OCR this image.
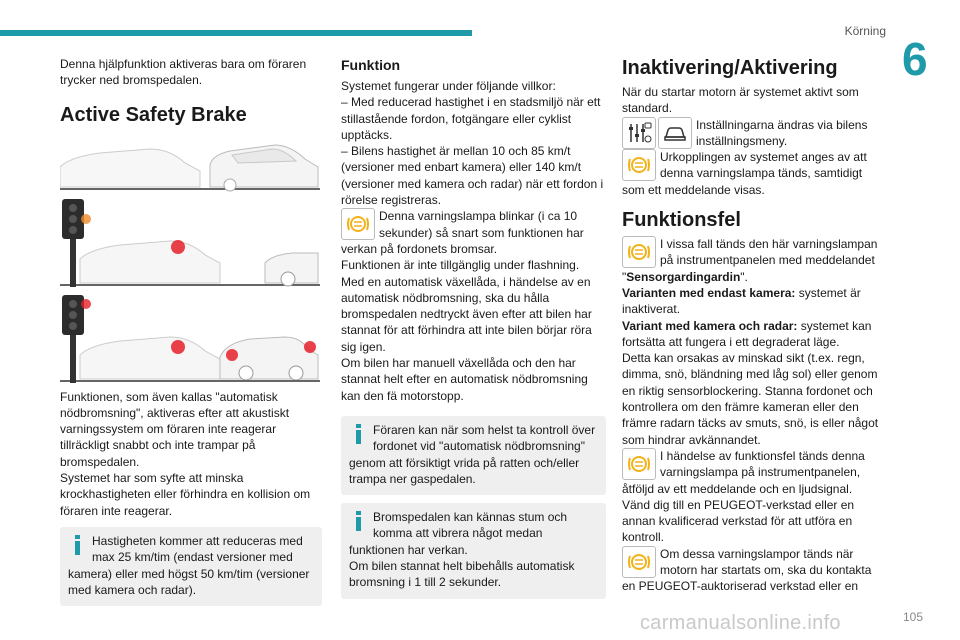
Körning
6

Denna hjälpfunktion aktiveras bara om föraren trycker ned bromspedalen.

Active Safety Brake

Funktionen, som även kallas "automatisk nödbromsning", aktiveras efter att akustiskt varningssystem om föraren inte reagerar tillräckligt snabbt och inte trampar på bromspedalen.

Systemet har som syfte att minska krockhastigheten eller förhindra en kollision om föraren inte reagerar.

Hastigheten kommer att reduceras med max 25 km/tim (endast versioner med kamera) eller med högst 50 km/tim (versioner med kamera och radar).
Funktion

Systemet fungerar under följande villkor:

– Med reducerad hastighet i en stadsmiljö när ett stillastående fordon, fotgängare eller cyklist upptäcks.

– Bilens hastighet är mellan 10 och 85 km/t (versioner med enbart kamera) eller 140 km/t (versioner med kamera och radar) när ett fordon i rörelse registreras.

Denna varningslampa blinkar (i ca 10 sekunder) så snart som funktionen har verkan på fordonets bromsar.

Funktionen är inte tillgänglig under flashning.

Med en automatisk växellåda, i händelse av en automatisk nödbromsning, ska du hålla bromspedalen nedtryckt även efter att bilen har stannat för att förhindra att inte bilen börjar röra sig igen.

Om bilen har manuell växellåda och den har stannat helt efter en automatisk nödbromsning kan den fä motorstopp.

Föraren kan när som helst ta kontroll över fordonet vid "automatisk nödbromsning" genom att försiktigt vrida på ratten och/eller trampa ner gaspedalen.
Bromspedalen kan kännas stum och komma att vibrera något medan funktionen har verkan.

Om bilen stannat helt bibehålls automatisk bromsning i 1 till 2 sekunder.

Inaktivering/Aktivering

När du startar motorn är systemet aktivt som standard.

Inställningarna ändras via bilens inställningsmeny.
Urkopplingen av systemet anges av att denna varningslampa tänds, samtidigt som ett meddelande visas.
Funktionsfel
I vissa fall tänds den här varningslampan på instrumentpanelen med meddelandet "Sensorgardingardin".

Varianten med endast kamera: systemet är inaktiverat.

Variant med kamera och radar: systemet kan fortsätta att fungera i ett degraderat läge.

Detta kan orsakas av minskad sikt (t.ex. regn, dimma, snö, bländning med låg sol) eller genom en riktig sensorblockering. Stanna fordonet och kontrollera om den främre kameran eller den främre radarn täcks av smuts, snö, is eller något som hindrar avkännandet.

I händelse av funktionsfel tänds denna varningslampa på instrumentpanelen, åtföljd av ett meddelande och en ljudsignal.

Vänd dig till en PEUGEOT-verkstad eller en annan kvalificerad verkstad för att utföra en kontroll.

Om dessa varningslampor tänds när motorn har startats om, ska du kontakta en PEUGEOT-auktoriserad verkstad eller en
carmanualsonline.info	105
